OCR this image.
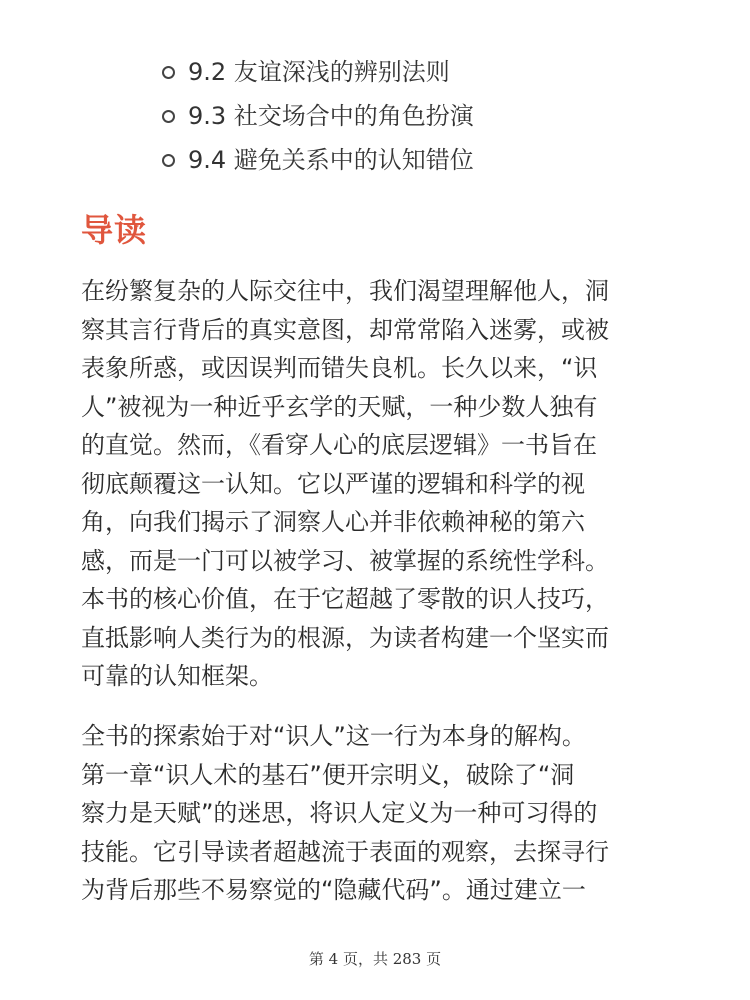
9.2 友谊深浅的辨别法则
9.3 社交场合中的角色扮演
9.4 避免关系中的认知错位
导读
在纷繁复杂的人际交往中，我们渴望理解他人，洞
察其言行背后的真实意图，却常常陷入迷雾，或被
表象所惑，或因误判而错失良机。长久以来，“识
人”被视为一种近乎玄学的天赋，一种少数人独有
的直觉。然而，《看穿人心的底层逻辑》一书旨在
彻底颠覆这一认知。它以严谨的逻辑和科学的视
角，向我们揭示了洞察人心并非依赖神秘的第六
感，而是一门可以被学习、被掌握的系统性学科。
本书的核心价值，在于它超越了零散的识人技巧，
直抵影响人类行为的根源，为读者构建一个坚实而
可靠的认知框架。
全书的探索始于对“识人”这一行为本身的解构。
第一章“识人术的基石”便开宗明义，破除了“洞
察力是天赋”的迷思，将识人定义为一种可习得的
技能。它引导读者超越流于表面的观察，去探寻行
为背后那些不易察觉的“隐藏代码”。通过建立一
第 4 页，共 283 页
